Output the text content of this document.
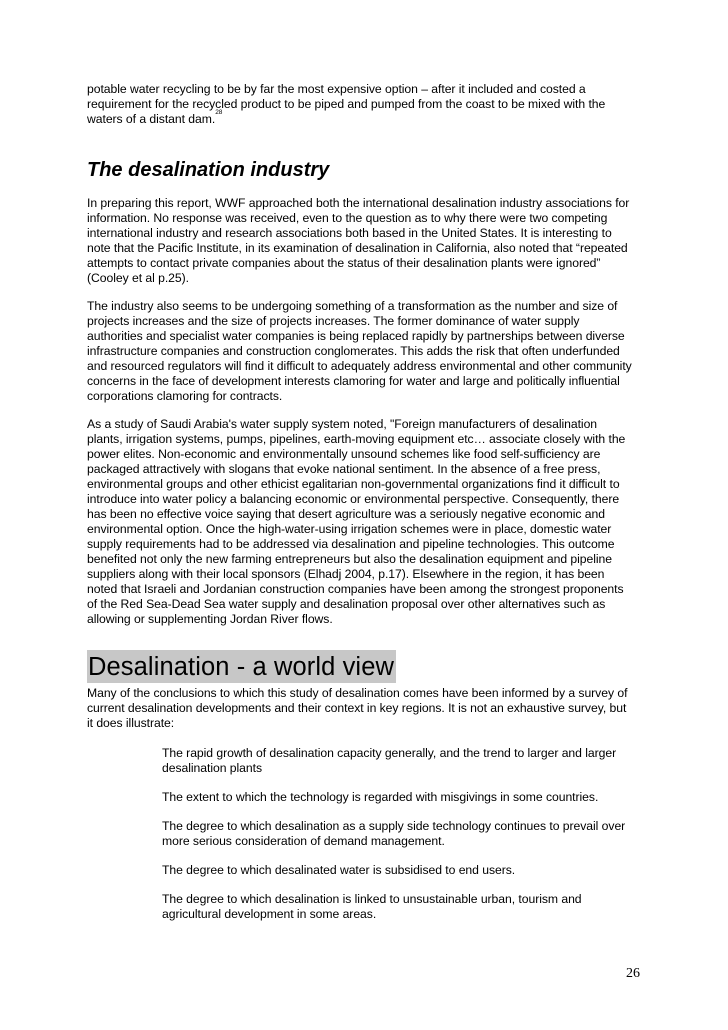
potable water recycling to be by far the most expensive option – after it included and costed a
requirement for the recycled product to be piped and pumped from the coast to be mixed with the
waters of a distant dam.$^{28}$

The desalination industry

In preparing this report, WWF approached both the international desalination industry associations for
information. No response was received, even to the question as to why there were two competing
international industry and research associations both based in the United States. It is interesting to
note that the Pacific Institute, in its examination of desalination in California, also noted that “repeated
attempts to contact private companies about the status of their desalination plants were ignored”
(Cooley et al p.25).

The industry also seems to be undergoing something of a transformation as the number and size of
projects increases and the size of projects increases. The former dominance of water supply
authorities and specialist water companies is being replaced rapidly by partnerships between diverse
infrastructure companies and construction conglomerates. This adds the risk that often underfunded
and resourced regulators will find it difficult to adequately address environmental and other community
concerns in the face of development interests clamoring for water and large and politically influential
corporations clamoring for contracts.

As a study of Saudi Arabia's water supply system noted, "Foreign manufacturers of desalination
plants, irrigation systems, pumps, pipelines, earth-moving equipment etc… associate closely with the
power elites. Non-economic and environmentally unsound schemes like food self-sufficiency are
packaged attractively with slogans that evoke national sentiment. In the absence of a free press,
environmental groups and other ethicist egalitarian non-governmental organizations find it difficult to
introduce into water policy a balancing economic or environmental perspective. Consequently, there
has been no effective voice saying that desert agriculture was a seriously negative economic and
environmental option. Once the high-water-using irrigation schemes were in place, domestic water
supply requirements had to be addressed via desalination and pipeline technologies. This outcome
benefited not only the new farming entrepreneurs but also the desalination equipment and pipeline
suppliers along with their local sponsors (Elhadj 2004, p.17). Elsewhere in the region, it has been
noted that Israeli and Jordanian construction companies have been among the strongest proponents
of the Red Sea-Dead Sea water supply and desalination proposal over other alternatives such as
allowing or supplementing Jordan River flows.

Desalination - a world view

Many of the conclusions to which this study of desalination comes have been informed by a survey of
current desalination developments and their context in key regions. It is not an exhaustive survey, but
it does illustrate:

The rapid growth of desalination capacity generally, and the trend to larger and larger
desalination plants

The extent to which the technology is regarded with misgivings in some countries.

The degree to which desalination as a supply side technology continues to prevail over
more serious consideration of demand management.

The degree to which desalinated water is subsidised to end users.

The degree to which desalination is linked to unsustainable urban, tourism and
agricultural development in some areas.

26
